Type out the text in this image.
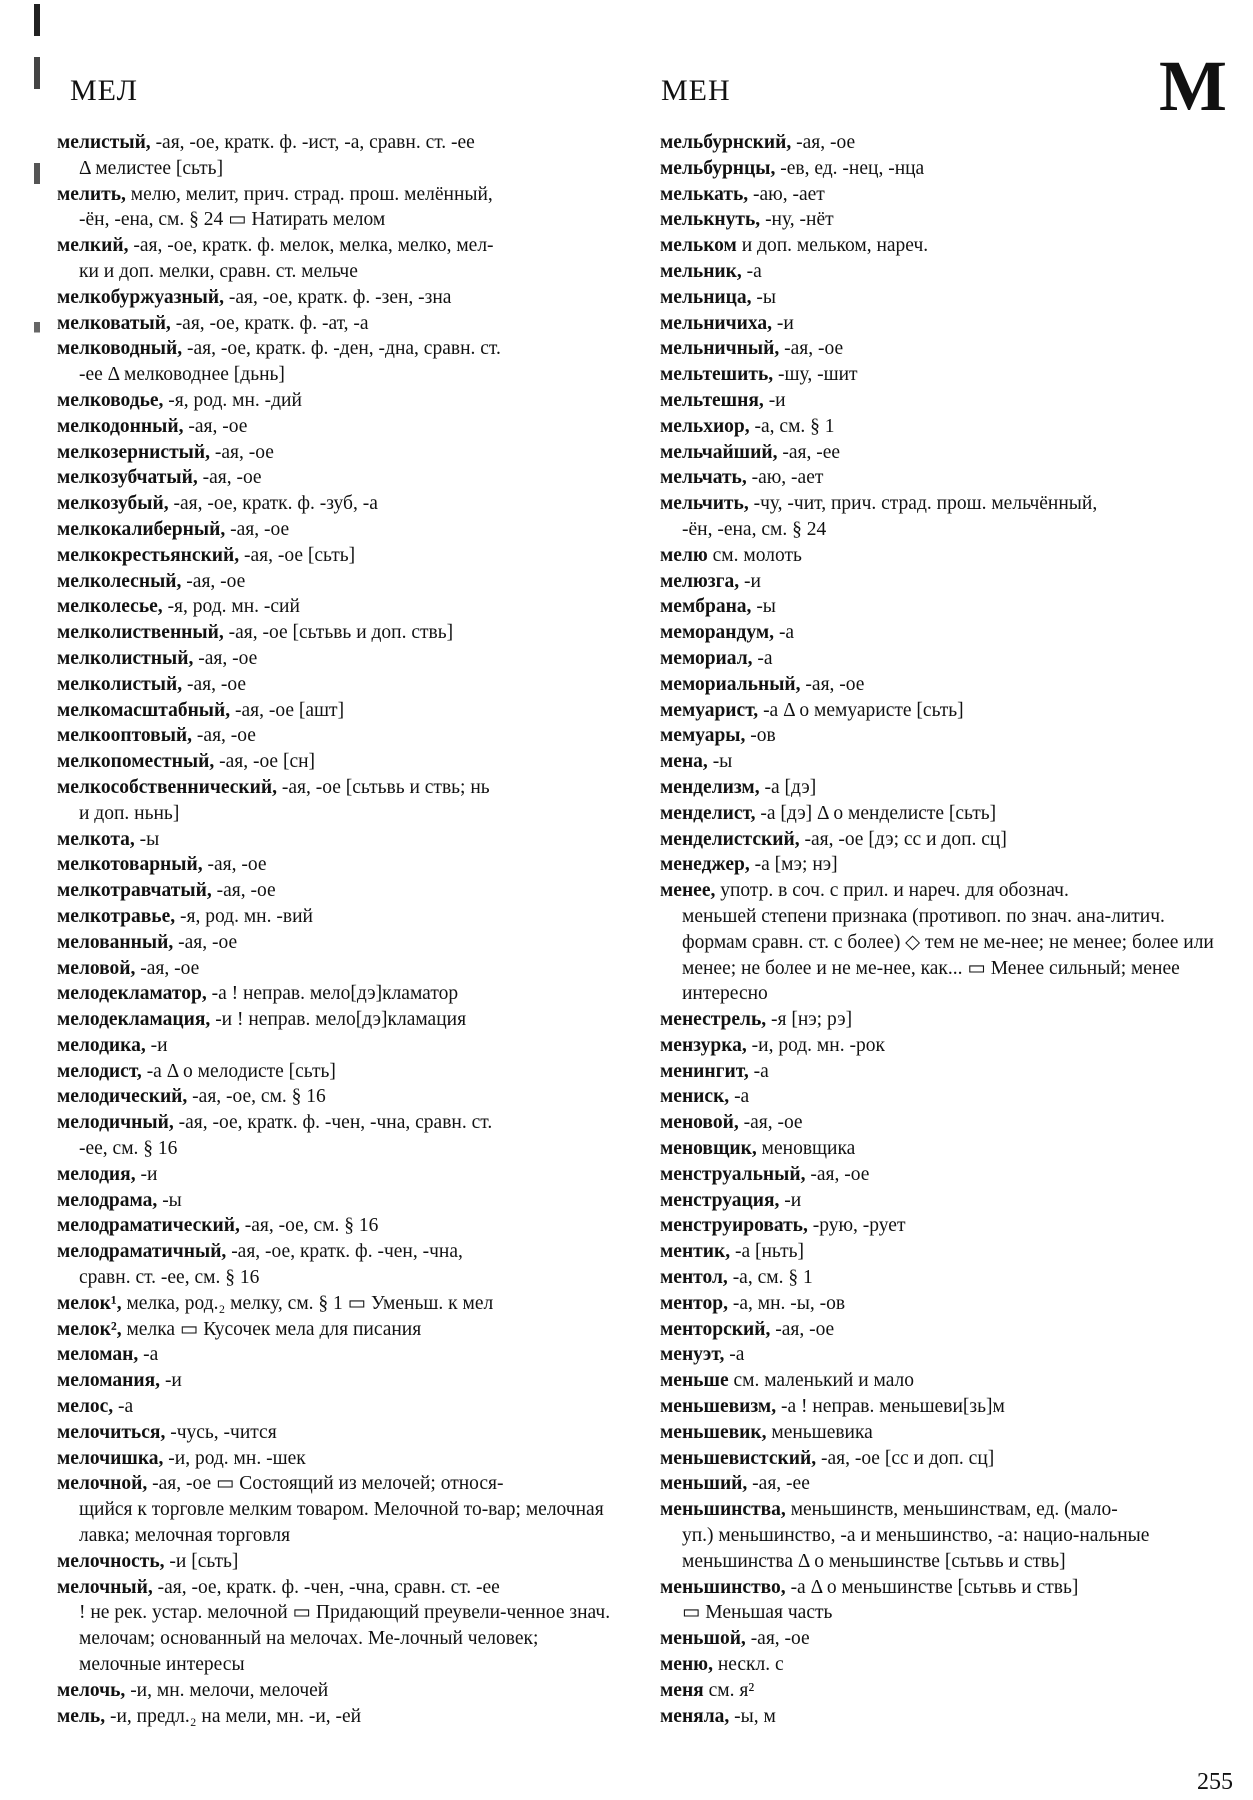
МЕЛ	МЕН	М

мелистый, -ая, -ое, кратк. ф. -ист, -а, сравн. ст. -ее
Δ мелистее [сьть]

мелить, мелю, мелит, прич. страд. прош. мелённый,
-ён, -ена, см. § 24 ▭ Натирать мелом

мелкий, -ая, -ое, кратк. ф. мелок, мелка, мелко, мел-
ки и доп. мелки, сравн. ст. мельче

мелкобуржуазный, -ая, -ое, кратк. ф. -зен, -зна

мелковатый, -ая, -ое, кратк. ф. -ат, -а

мелководный, -ая, -ое, кратк. ф. -ден, -дна, сравн. ст.
-ее Δ мелководнее [дьнь]

мелководье, -я, род. мн. -дий

мелкодонный, -ая, -ое

мелкозернистый, -ая, -ое

мелкозубчатый, -ая, -ое

мелкозубый, -ая, -ое, кратк. ф. -зуб, -а

мелкокалиберный, -ая, -ое

мелкокрестьянский, -ая, -ое [сьть]

мелколесный, -ая, -ое

мелколесье, -я, род. мн. -сий

мелколиственный, -ая, -ое [сьтьвь и доп. ствь]

мелколистный, -ая, -ое

мелколистый, -ая, -ое

мелкомасштабный, -ая, -ое [ашт]

мелкооптовый, -ая, -ое

мелкопоместный, -ая, -ое [сн]

мелкособственнический, -ая, -ое [сьтьвь и ствь; нь
и доп. ньнь]

мелкота, -ы

мелкотоварный, -ая, -ое

мелкотравчатый, -ая, -ое

мелкотравье, -я, род. мн. -вий

мелованный, -ая, -ое

меловой, -ая, -ое

мелодекламатор, -а ! неправ. мело[дэ]кламатор

мелодекламация, -и ! неправ. мело[дэ]кламация

мелодика, -и

мелодист, -а Δ о мелодисте [сьть]

мелодический, -ая, -ое, см. § 16

мелодичный, -ая, -ое, кратк. ф. -чен, -чна, сравн. ст.
-ее, см. § 16

мелодия, -и

мелодрама, -ы

мелодраматический, -ая, -ое, см. § 16

мелодраматичный, -ая, -ое, кратк. ф. -чен, -чна,
сравн. ст. -ее, см. § 16

мелок¹, мелка, род.₂ мелку, см. § 1 ▭ Уменьш. к мел

мелок², мелка ▭ Кусочек мела для писания

меломан, -а

меломания, -и

мелос, -а

мелочиться, -чусь, -чится

мелочишка, -и, род. мн. -шек

мелочной, -ая, -ое ▭ Состоящий из мелочей; относя-
щийся к торговле мелким товаром. Мелочной то-вар; мелочная лавка; мелочная торговля

мелочность, -и [сьть]

мелочный, -ая, -ое, кратк. ф. -чен, -чна, сравн. ст. -ее
! не рек. устар. мелочной ▭ Придающий преувели-ченное знач. мелочам; основанный на мелочах. Ме-лочный человек; мелочные интересы

мелочь, -и, мн. мелочи, мелочей

мель, -и, предл.₂ на мели, мн. -и, -ей

мельбурнский, -ая, -ое

мельбурнцы, -ев, ед. -нец, -нца

мелькать, -аю, -ает

мелькнуть, -ну, -нёт

мельком и доп. мельком, нареч.

мельник, -а

мельница, -ы

мельничиха, -и

мельничный, -ая, -ое

мельтешить, -шу, -шит

мельтешня, -и

мельхиор, -а, см. § 1

мельчайший, -ая, -ее

мельчать, -аю, -ает

мельчить, -чу, -чит, прич. страд. прош. мельчённый,
-ён, -ена, см. § 24

мелю см. молоть

мелюзга, -и

мембрана, -ы

меморандум, -а

мемориал, -а

мемориальный, -ая, -ое

мемуарист, -а Δ о мемуаристе [сьть]

мемуары, -ов

мена, -ы

менделизм, -а [дэ]

менделист, -а [дэ] Δ о менделисте [сьть]

менделистский, -ая, -ое [дэ; сс и доп. сц]

менеджер, -а [мэ; нэ]

менее, употр. в соч. с прил. и нареч. для обознач.
меньшей степени признака (противоп. по знач. ана-литич. формам сравн. ст. с более) ◇ тем не ме-нее; не менее; более или менее; не более и не ме-нее, как... ▭ Менее сильный; менее интересно

менестрель, -я [нэ; рэ]

мензурка, -и, род. мн. -рок

менингит, -а

мениск, -а

меновой, -ая, -ое

меновщик, меновщика

менструальный, -ая, -ое

менструация, -и

менструировать, -рую, -рует

ментик, -а [ньть]

ментол, -а, см. § 1

ментор, -а, мн. -ы, -ов

менторский, -ая, -ое

менуэт, -а

меньше см. маленький и мало

меньшевизм, -а ! неправ. меньшеви[зь]м

меньшевик, меньшевика

меньшевистский, -ая, -ое [сс и доп. сц]

меньший, -ая, -ее

меньшинства, меньшинств, меньшинствам, ед. (мало-
уп.) меньшинство, -а и меньшинство, -а: нацио-нальные меньшинства Δ о меньшинстве [сьтьвь и ствь]

меньшинство, -а Δ о меньшинстве [сьтьвь и ствь]
▭ Меньшая часть

меньшой, -ая, -ое

меню, нескл. с

меня см. я²

меняла, -ы, м

255
